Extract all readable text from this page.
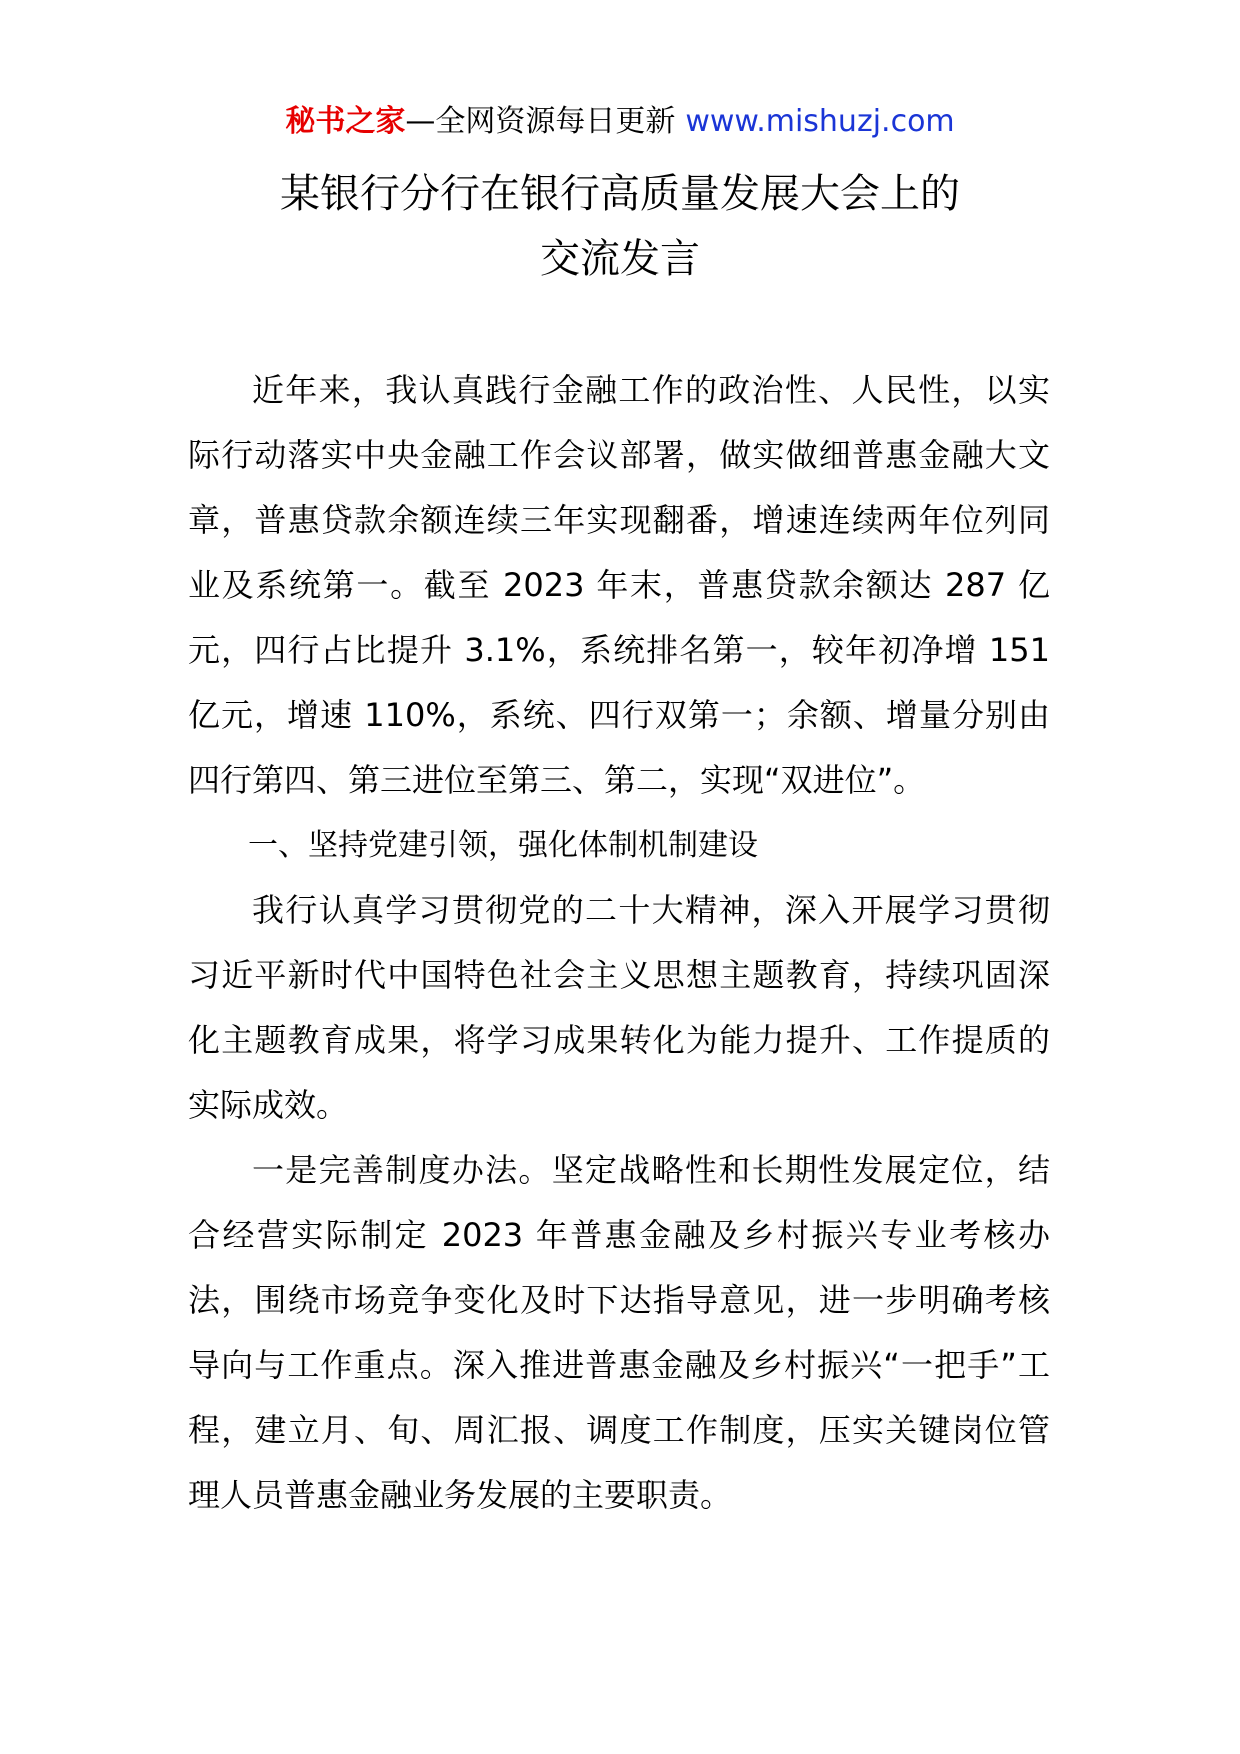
秘书之家—全网资源每日更新 www.mishuzj.com
某银行分行在银行高质量发展大会上的
交流发言

近年来，我认真践行金融工作的政治性、人民性，以实际行动落实中央金融工作会议部署，做实做细普惠金融大文章，普惠贷款余额连续三年实现翻番，增速连续两年位列同业及系统第一。截至 2023 年末，普惠贷款余额达 287 亿元，四行占比提升 3.1%，系统排名第一，较年初净增 151 亿元，增速 110%，系统、四行双第一；余额、增量分别由四行第四、第三进位至第三、第二，实现“双进位”。

一、坚持党建引领，强化体制机制建设

我行认真学习贯彻党的二十大精神，深入开展学习贯彻习近平新时代中国特色社会主义思想主题教育，持续巩固深化主题教育成果，将学习成果转化为能力提升、工作提质的实际成效。

一是完善制度办法。坚定战略性和长期性发展定位，结合经营实际制定 2023 年普惠金融及乡村振兴专业考核办法，围绕市场竞争变化及时下达指导意见，进一步明确考核导向与工作重点。深入推进普惠金融及乡村振兴“一把手”工程，建立月、旬、周汇报、调度工作制度，压实关键岗位管理人员普惠金融业务发展的主要职责。
